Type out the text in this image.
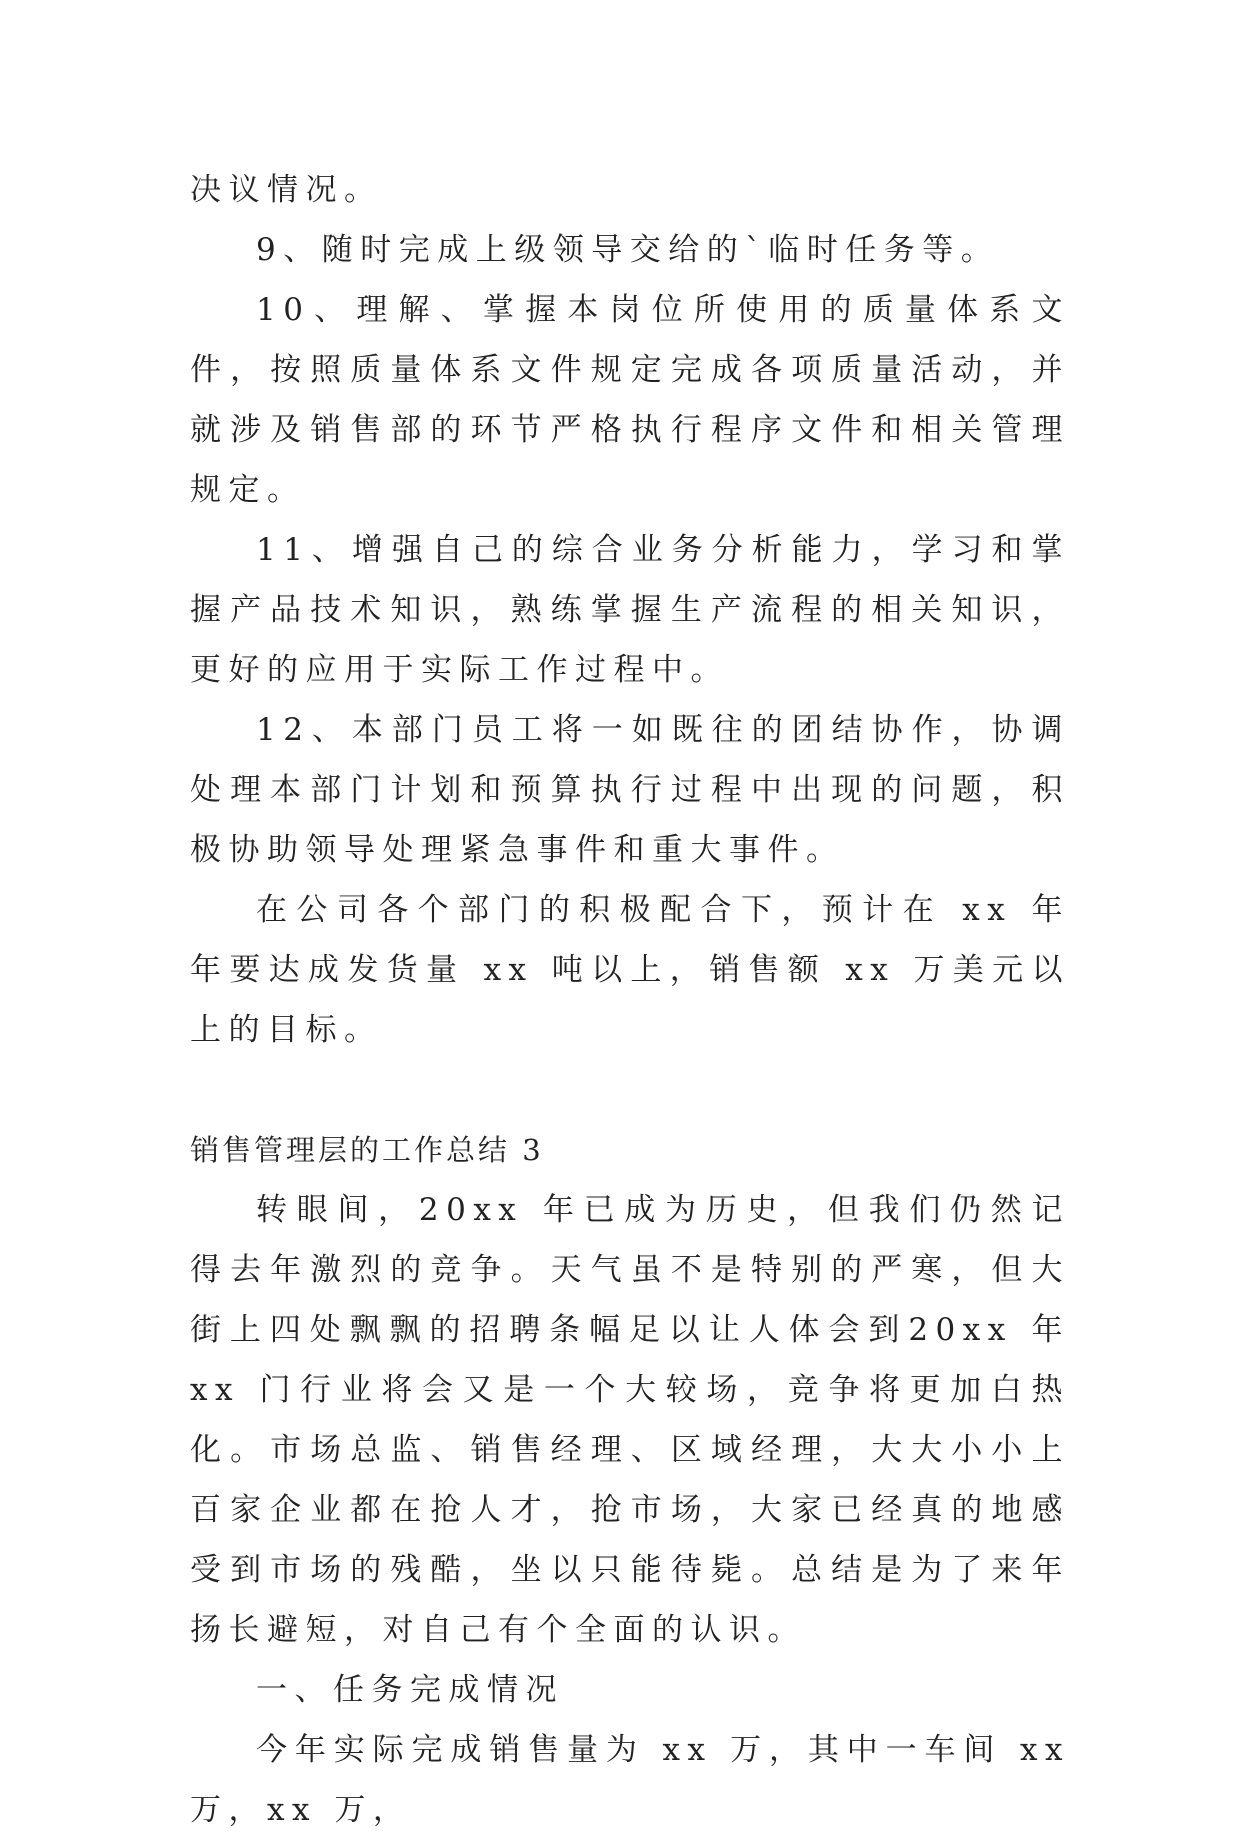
决议情况。

9、随时完成上级领导交给的`临时任务等。

10、理解、掌握本岗位所使用的质量体系文件，按照质量体系文件规定完成各项质量活动，并就涉及销售部的环节严格执行程序文件和相关管理规定。

11、增强自己的综合业务分析能力，学习和掌握产品技术知识，熟练掌握生产流程的相关知识，更好的应用于实际工作过程中。

12、本部门员工将一如既往的团结协作，协调处理本部门计划和预算执行过程中出现的问题，积极协助领导处理紧急事件和重大事件。

在公司各个部门的积极配合下，预计在 xx 年年要达成发货量 xx 吨以上，销售额 xx 万美元以上的目标。

销售管理层的工作总结 3

转眼间，20xx 年已成为历史，但我们仍然记得去年激烈的竞争。天气虽不是特别的严寒，但大街上四处飘飘的招聘条幅足以让人体会到20xx 年 xx 门行业将会又是一个大较场，竞争将更加白热化。市场总监、销售经理、区域经理，大大小小上百家企业都在抢人才，抢市场，大家已经真的地感受到市场的残酷，坐以只能待毙。总结是为了来年扬长避短，对自己有个全面的认识。

一、任务完成情况

今年实际完成销售量为 xx 万，其中一车间 xx 万，xx 万，
